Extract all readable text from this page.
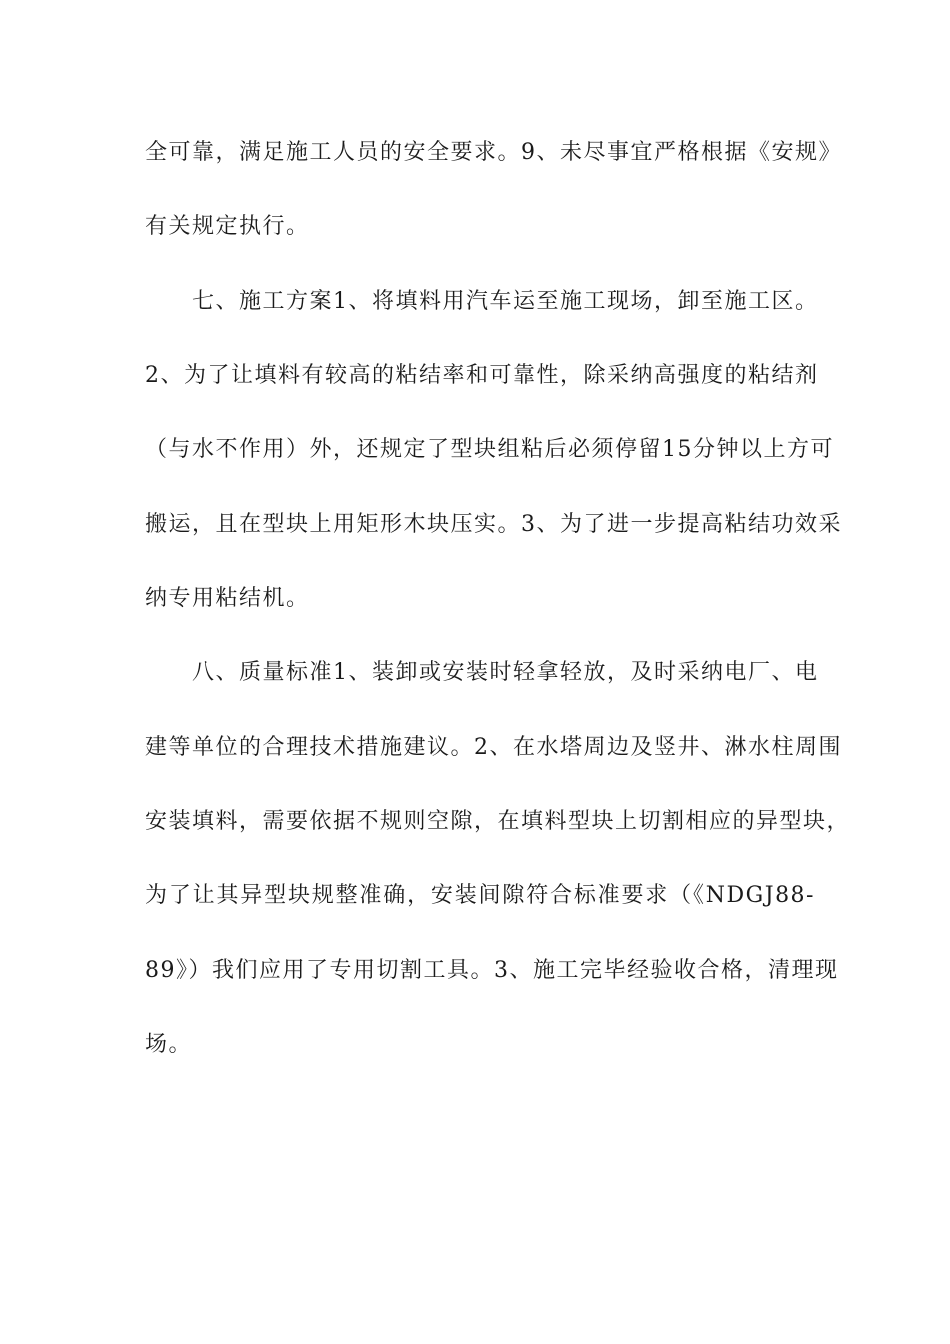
全可靠，满足施工人员的安全要求。9、未尽事宜严格根据《安规》
有关规定执行。
七、施工方案1、将填料用汽车运至施工现场，卸至施工区。
2、为了让填料有较高的粘结率和可靠性，除采纳高强度的粘结剂
（与水不作用）外，还规定了型块组粘后必须停留15分钟以上方可
搬运，且在型块上用矩形木块压实。3、为了进一步提高粘结功效采
纳专用粘结机。
八、质量标准1、装卸或安装时轻拿轻放，及时采纳电厂、电
建等单位的合理技术措施建议。2、在水塔周边及竖井、淋水柱周围
安装填料，需要依据不规则空隙，在填料型块上切割相应的异型块，
为了让其异型块规整准确，安装间隙符合标准要求（《NDGJ88-
89》）我们应用了专用切割工具。3、施工完毕经验收合格，清理现
场。
